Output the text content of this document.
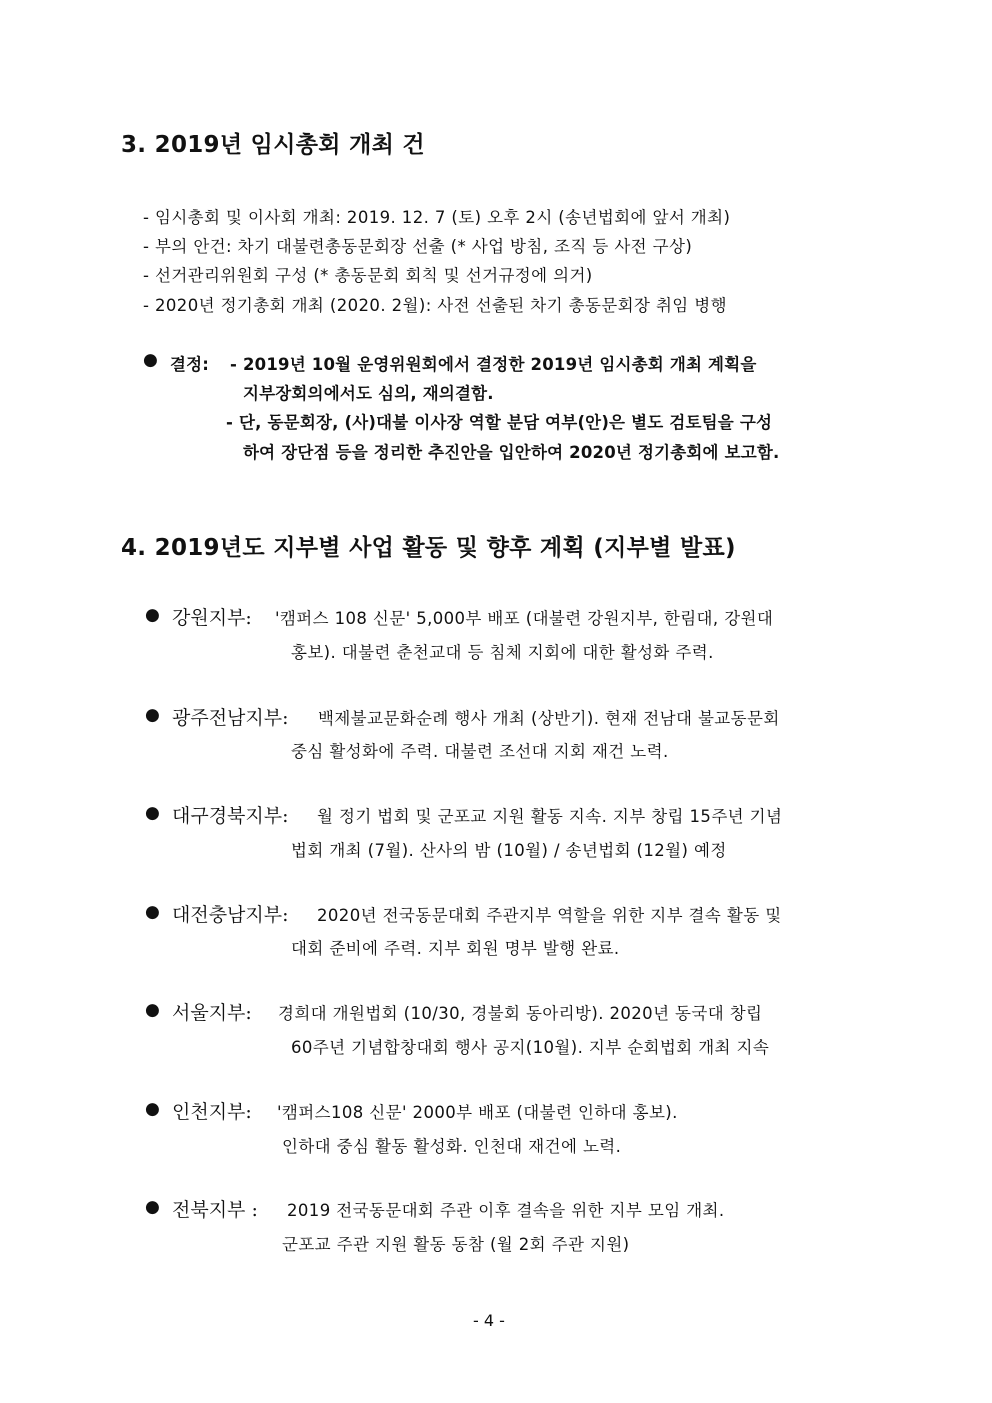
3. 2019년 임시총회 개최 건
- 임시총회 및 이사회 개최: 2019. 12. 7 (토) 오후 2시 (송년법회에 앞서 개최)
- 부의 안건: 차기 대불련총동문회장 선출 (* 사업 방침, 조직 등 사전 구상)
- 선거관리위원회 구성 (* 총동문회 회칙 및 선거규정에 의거)
- 2020년 정기총회 개최 (2020. 2월): 사전 선출된 차기 총동문회장 취임 병행
● 결정: - 2019년 10월 운영위원회에서 결정한 2019년 임시총회 개최 계획을
지부장회의에서도 심의, 재의결함.
- 단, 동문회장, (사)대불 이사장 역할 분담 여부(안)은 별도 검토팀을 구성
하여 장단점 등을 정리한 추진안을 입안하여 2020년 정기총회에 보고함.
4. 2019년도 지부별 사업 활동 및 향후 계획 (지부별 발표)
● 강원지부: '캠퍼스 108 신문' 5,000부 배포 (대불련 강원지부, 한림대, 강원대
홍보). 대불련 춘천교대 등 침체 지회에 대한 활성화 주력.
● 광주전남지부: 백제불교문화순례 행사 개최 (상반기). 현재 전남대 불교동문회
중심 활성화에 주력. 대불련 조선대 지회 재건 노력.
● 대구경북지부: 월 정기 법회 및 군포교 지원 활동 지속. 지부 창립 15주년 기념
법회 개최 (7월). 산사의 밤 (10월) / 송년법회 (12월) 예정
● 대전충남지부: 2020년 전국동문대회 주관지부 역할을 위한 지부 결속 활동 및
대회 준비에 주력. 지부 회원 명부 발행 완료.
● 서울지부: 경희대 개원법회 (10/30, 경불회 동아리방). 2020년 동국대 창립
60주년 기념합창대회 행사 공지(10월). 지부 순회법회 개최 지속
● 인천지부: '캠퍼스108 신문' 2000부 배포 (대불련 인하대 홍보).
인하대 중심 활동 활성화. 인천대 재건에 노력.
● 전북지부 : 2019 전국동문대회 주관 이후 결속을 위한 지부 모임 개최.
군포교 주관 지원 활동 동참 (월 2회 주관 지원)
- 4 -
